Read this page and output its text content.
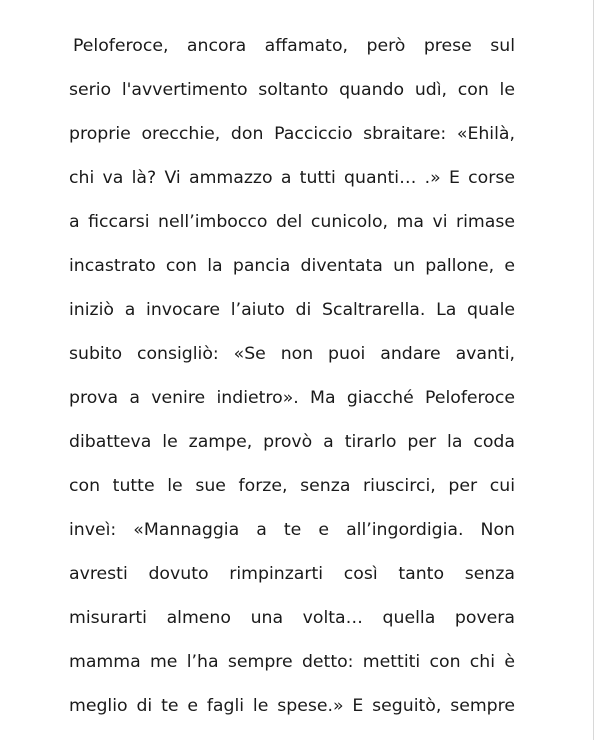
Peloferoce, ancora affamato, però prese sul
serio l'avvertimento soltanto quando udì, con le
proprie orecchie, don Pacciccio sbraitare: «Ehilà,
chi va là? Vi ammazzo a tutti quanti… .» E corse
a ficcarsi nell’imbocco del cunicolo, ma vi rimase
incastrato con la pancia diventata un pallone, e
iniziò a invocare l’aiuto di Scaltrarella. La quale
subito consigliò: «Se non puoi andare avanti,
prova a venire indietro». Ma giacché Peloferoce
dibatteva le zampe, provò a tirarlo per la coda
con tutte le sue forze, senza riuscirci, per cui
inveì: «Mannaggia a te e all’ingordigia. Non
avresti dovuto rimpinzarti così tanto senza
misurarti almeno una volta… quella povera
mamma me l’ha sempre detto: mettiti con chi è
meglio di te e fagli le spese.» E seguitò, sempre
